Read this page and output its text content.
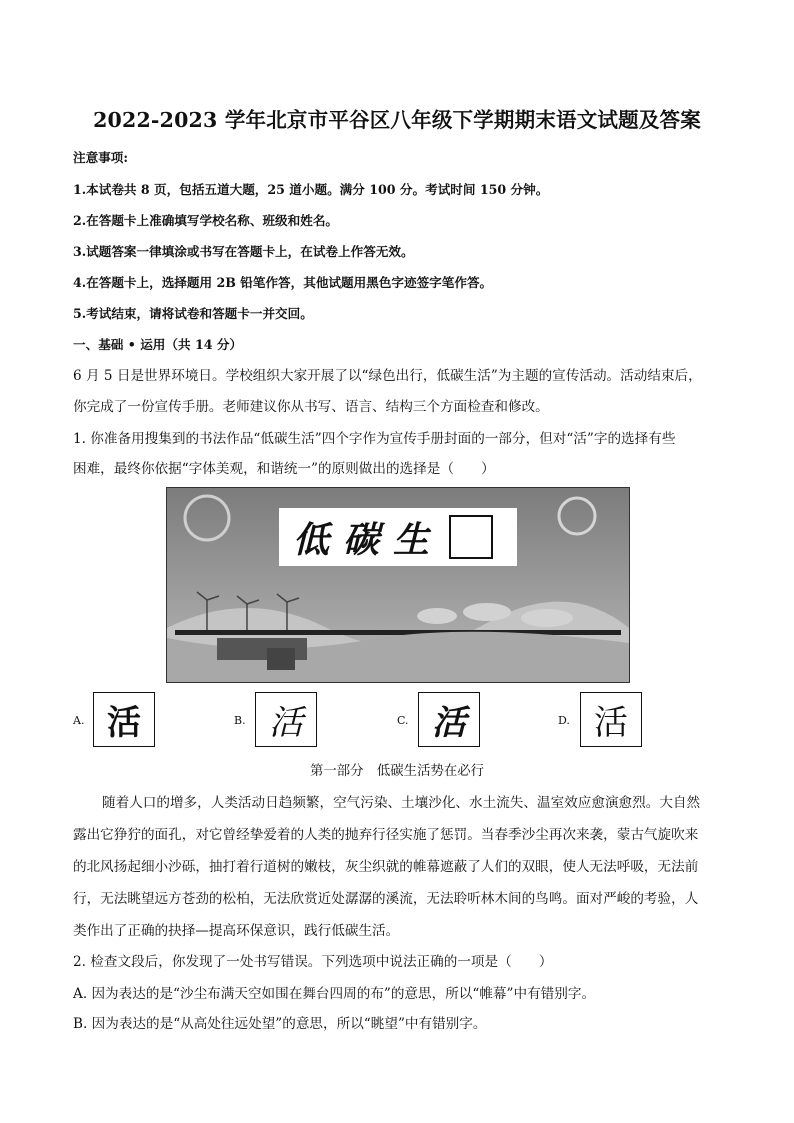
2022-2023 学年北京市平谷区八年级下学期期末语文试题及答案
注意事项:
1.本试卷共 8 页，包括五道大题，25 道小题。满分 100 分。考试时间 150 分钟。
2.在答题卡上准确填写学校名称、班级和姓名。
3.试题答案一律填涂或书写在答题卡上，在试卷上作答无效。
4.在答题卡上，选择题用 2B 铅笔作答，其他试题用黑色字迹签字笔作答。
5.考试结束，请将试卷和答题卡一并交回。
一、基础 • 运用（共 14 分）
6 月 5 日是世界环境日。学校组织大家开展了以“绿色出行，低碳生活”为主题的宣传活动。活动结束后，
你完成了一份宣传手册。老师建议你从书写、语言、结构三个方面检查和修改。
1. 你准备用搜集到的书法作品“低碳生活”四个字作为宣传手册封面的一部分，但对“活”字的选择有些
困难，最终你依据“字体美观，和谐统一”的原则做出的选择是（　　）
低 碳 生
A. 活	B. 活	C. 活	D. 活
第一部分　低碳生活势在必行
随着人口的增多，人类活动日趋频繁，空气污染、土壤沙化、水土流失、温室效应愈演愈烈。大自然
露出它狰狞的面孔，对它曾经挚爱着的人类的抛弃行径实施了惩罚。当春季沙尘再次来袭，蒙古气旋吹来
的北风扬起细小沙砾，抽打着行道树的嫩枝，灰尘织就的帷幕遮蔽了人们的双眼，使人无法呼吸，无法前
行，无法眺望远方苍劲的松柏，无法欣赏近处潺潺的溪流，无法聆听林木间的鸟鸣。面对严峻的考验，人
类作出了正确的抉择—提高环保意识，践行低碳生活。
2. 检查文段后，你发现了一处书写错误。下列选项中说法正确的一项是（　　）
A. 因为表达的是“沙尘布满天空如围在舞台四周的布”的意思，所以“帷幕”中有错别字。
B. 因为表达的是“从高处往远处望”的意思，所以“眺望”中有错别字。
